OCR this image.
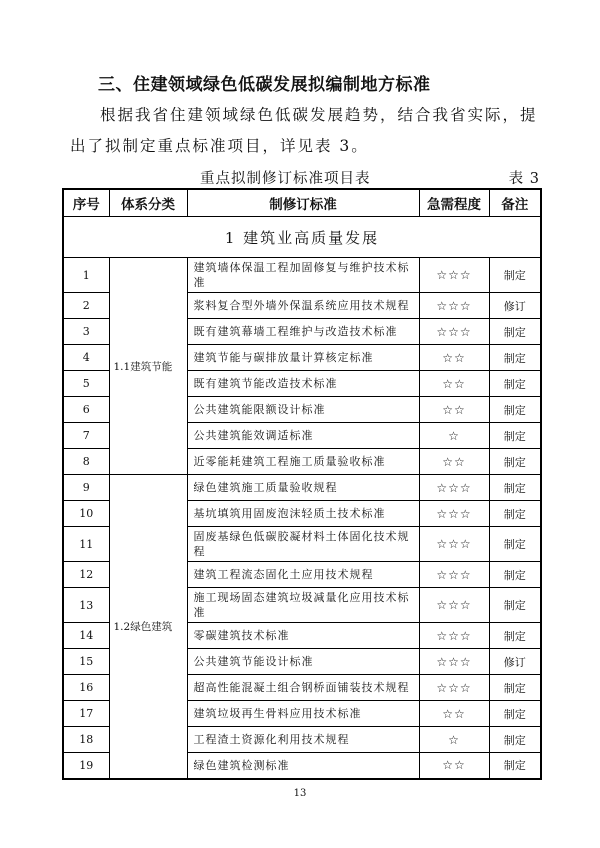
三、住建领域绿色低碳发展拟编制地方标准
根据我省住建领域绿色低碳发展趋势，结合我省实际，提出了拟制定重点标准项目，详见表 3。
重点拟制修订标准项目表	表 3
序号	体系分类	制修订标准	急需程度	备注
1 建筑业高质量发展				
1	1.1建筑节能	建筑墙体保温工程加固修复与维护技术标准	☆☆☆	制定
2		浆料复合型外墙外保温系统应用技术规程	☆☆☆	修订
3		既有建筑幕墙工程维护与改造技术标准	☆☆☆	制定
4		建筑节能与碳排放量计算核定标准	☆☆	制定
5		既有建筑节能改造技术标准	☆☆	制定
6		公共建筑能限额设计标准	☆☆	制定
7		公共建筑能效调适标准	☆	制定
8		近零能耗建筑工程施工质量验收标准	☆☆	制定
9	1.2绿色建筑	绿色建筑施工质量验收规程	☆☆☆	制定
10		基坑填筑用固废泡沫轻质土技术标准	☆☆☆	制定
11		固废基绿色低碳胶凝材料土体固化技术规程	☆☆☆	制定
12		建筑工程流态固化土应用技术规程	☆☆☆	制定
13		施工现场固态建筑垃圾减量化应用技术标准	☆☆☆	制定
14		零碳建筑技术标准	☆☆☆	制定
15		公共建筑节能设计标准	☆☆☆	修订
16		超高性能混凝土组合钢桥面铺装技术规程	☆☆☆	制定
17		建筑垃圾再生骨料应用技术标准	☆☆	制定
18		工程渣土资源化利用技术规程	☆	制定
19		绿色建筑检测标准	☆☆	制定
13
